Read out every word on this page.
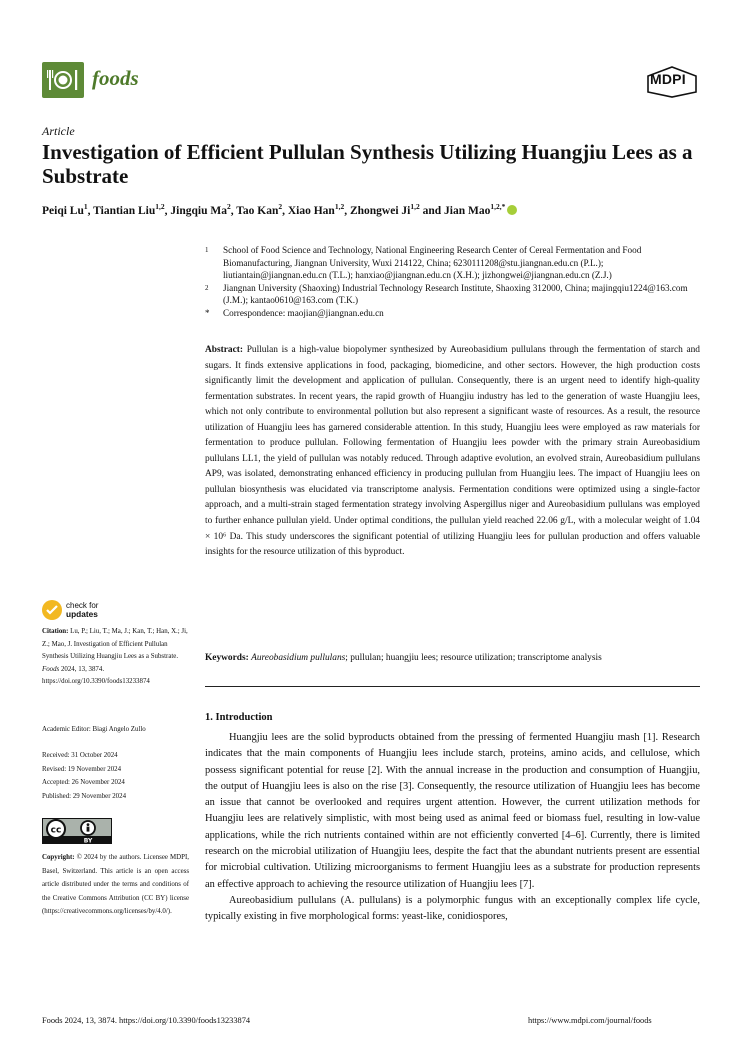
foods	MDPI
Article
Investigation of Efficient Pullulan Synthesis Utilizing Huangjiu Lees as a Substrate
Peiqi Lu$^1$, Tiantian Liu$^{1,2}$, Jingqiu Ma$^2$, Tao Kan$^2$, Xiao Han$^{1,2}$, Zhongwei Ji$^{1,2}$ and Jian Mao$^{1,2,*}$
1 School of Food Science and Technology, National Engineering Research Center of Cereal Fermentation and Food Biomanufacturing, Jiangnan University, Wuxi 214122, China; 6230111208@stu.jiangnan.edu.cn (P.L.); liutiantain@jiangnan.edu.cn (T.L.); hanxiao@jiangnan.edu.cn (X.H.); jizhongwei@jiangnan.edu.cn (Z.J.)
2 Jiangnan University (Shaoxing) Industrial Technology Research Institute, Shaoxing 312000, China; majingqiu1224@163.com (J.M.); kantao0610@163.com (T.K.)
* Correspondence: maojian@jiangnan.edu.cn
Abstract: Pullulan is a high-value biopolymer synthesized by Aureobasidium pullulans through the fermentation of starch and sugars. It finds extensive applications in food, packaging, biomedicine, and other sectors. However, the high production costs significantly limit the development and application of pullulan. Consequently, there is an urgent need to identify high-quality fermentation substrates. In recent years, the rapid growth of Huangjiu industry has led to the generation of waste Huangjiu lees, which not only contribute to environmental pollution but also represent a significant waste of resources. As a result, the resource utilization of Huangjiu lees has garnered considerable attention. In this study, Huangjiu lees were employed as raw materials for fermentation to produce pullulan. Following fermentation of Huangjiu lees powder with the primary strain Aureobasidium pullulans LL1, the yield of pullulan was notably reduced. Through adaptive evolution, an evolved strain, Aureobasidium pullulans AP9, was isolated, demonstrating enhanced efficiency in producing pullulan from Huangjiu lees. The impact of Huangjiu lees on pullulan biosynthesis was elucidated via transcriptome analysis. Fermentation conditions were optimized using a single-factor approach, and a multi-strain staged fermentation strategy involving Aspergillus niger and Aureobasidium pullulans was employed to further enhance pullulan yield. Under optimal conditions, the pullulan yield reached 22.06 g/L, with a molecular weight of 1.04 × 10⁶ Da. This study underscores the significant potential of utilizing Huangjiu lees for pullulan production and offers valuable insights for the resource utilization of this byproduct.
Keywords: Aureobasidium pullulans; pullulan; huangjiu lees; resource utilization; transcriptome analysis
1. Introduction

Huangjiu lees are the solid byproducts obtained from the pressing of fermented Huangjiu mash [1]. Research indicates that the main components of Huangjiu lees include starch, proteins, amino acids, and cellulose, which possess significant potential for reuse [2]. With the annual increase in the production and consumption of Huangjiu, the output of Huangjiu lees is also on the rise [3]. Consequently, the resource utilization of Huangjiu lees has become an issue that cannot be overlooked and requires urgent attention. However, the current utilization methods for Huangjiu lees are relatively simplistic, with most being used as animal feed or biomass fuel, resulting in low-value applications, while the rich nutrients contained within are not efficiently converted [4–6]. Currently, there is limited research on the microbial utilization of Huangjiu lees, despite the fact that the abundant nutrients present are essential for microbial cultivation. Utilizing microorganisms to ferment Huangjiu lees as a substrate for production represents an effective approach to achieving the resource utilization of Huangjiu lees [7].

Aureobasidium pullulans (A. pullulans) is a polymorphic fungus with an exceptionally complex life cycle, typically existing in five morphological forms: yeast-like, conidiospores,

check for
updates
Citation: Lu, P.; Liu, T.; Ma, J.; Kan, T.; Han, X.; Ji, Z.; Mao, J. Investigation of Efficient Pullulan Synthesis Utilizing Huangjiu Lees as a Substrate. Foods 2024, 13, 3874. https://doi.org/10.3390/foods13233874
Academic Editor: Biagi Angelo Zullo
Received: 31 October 2024
Revised: 19 November 2024
Accepted: 26 November 2024
Published: 29 November 2024
cc
BY
Copyright: © 2024 by the authors. Licensee MDPI, Basel, Switzerland. This article is an open access article distributed under the terms and conditions of the Creative Commons Attribution (CC BY) license (https://creativecommons.org/licenses/by/4.0/).
Foods 2024, 13, 3874. https://doi.org/10.3390/foods13233874	https://www.mdpi.com/journal/foods
